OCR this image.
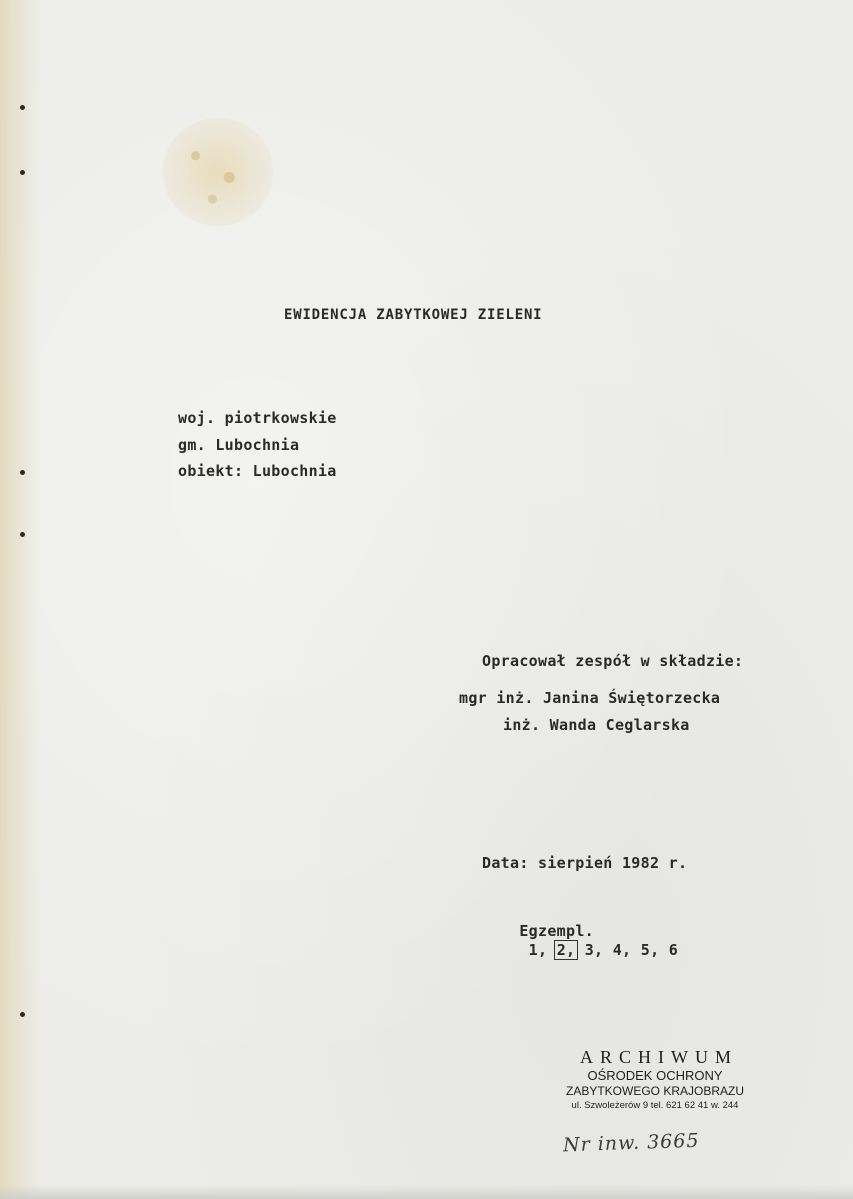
EWIDENCJA ZABYTKOWEJ ZIELENI
woj. piotrkowskie
gm. Lubochnia
obiekt: Lubochnia
Opracował zespół w składzie:
mgr inż. Janina Świętorzecka
inż. Wanda Ceglarska
Data: sierpień 1982 r.

Egzempl.
1, 2, 3, 4, 5, 6

ARCHIWUM
OŚRODEK OCHRONY
ZABYTKOWEGO KRAJOBRAZU
ul. Szwoleżerów 9 tel. 621 62 41 w. 244
Nr inw. 3665
